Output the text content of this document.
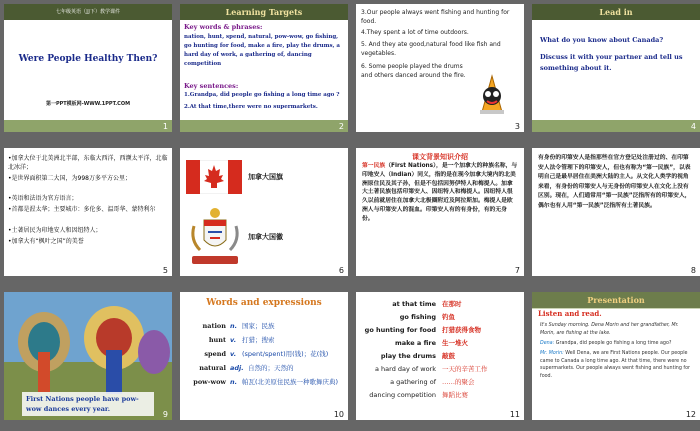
七年级英语（JJ下）教学课件
Were People Healthy Then?
第一PPT模板网-WWW.1PPT.COM
1
Learning Targets
Key words & phrases:
nation, hunt, spend, natural, pow-wow, go fishing, go hunting for food, make a fire, play the drums, a hard day of work, a gathering of, dancing competition
Key sentences:
1.Grandpa, did people go fishing a long time ago ?
2.At that time,there were no supermarkets.
2
3.Our people always went fishing and hunting for food.
4.They spent a lot of time outdoors.
5. And they ate good,natural food like fish and vegetables.
6. Some people played the drums and others danced around the fire.
3
Lead in
What do you know about Canada?
Discuss it with your partner and tell us something about it.
4
•加拿大位于北美洲北半部，东临大西洋，西濒太平洋，北临北冰洋；
•是世界面积第二大国，为998万多平方公里；
•英语和法语为官方语言；
•首都是渥太华；主要城市：多伦多、温哥华、蒙特利尔
•土著居民为印地安人和因纽特人；
•加拿大有“枫叶之国”的美誉
5
加拿大国旗
加拿大国徽
6
课文背景知识介绍
第一民族（First Nations），是一个加拿大的种族名称，与印地安人（Indian）同义，指的是在现今加拿大境内的北美洲原住民及其子孙，但是不包括因努伊特人和梅提人。加拿大土著民族包括印第安人、因纽特人和梅提人。因纽特人很久以前就居住在加拿大北极圈附近及阿拉斯加。梅提人是欧洲人与印第安人的混血。印第安人有的有身份，有的无身份。
7
有身份的印第安人是指那些在官方登记处注册过的、在印第安人法令管理下的印第安人，但也有称为“第一民族”，以表明自己是最早居住在美洲大陆的主人。从文化人类学的视角来看，有身份的印第安人与无身份的印第安人在文化上没有区别。现在，人们通常用“第一民族”泛指所有的印第安人，偶尔也有人用“第一民族”泛指所有土著民族。
8
First Nations people have pow-wow dances every year.
9
Words and expressions
nation n. 国家；民族
hunt v. 打猎；搜索
spend v. (spent/spent)用(钱)；花(钱)
natural adj. 自然的；天然的
pow-wow n. 帕瓦(北美原住民族一种歌舞庆典)
10
at that time 在那时
go fishing 钓鱼
go hunting for food 打猎获得食物
make a fire 生一堆火
play the drums 敲鼓
a hard day of work 一天的辛苦工作
a gathering of ……的聚会
dancing competition 舞蹈比赛
11
Presentation
Listen and read.
It's Sunday morning. Dena Morin and her grandfather, Mr. Morin, are fishing at the lake.
Dena: Grandpa, did people go fishing a long time ago?
Mr. Morin: Well Dena, we are First Nations people. Our people came to Canada a long time ago. At that time, there were no supermarkets. Our people always went fishing and hunting for food.
12
